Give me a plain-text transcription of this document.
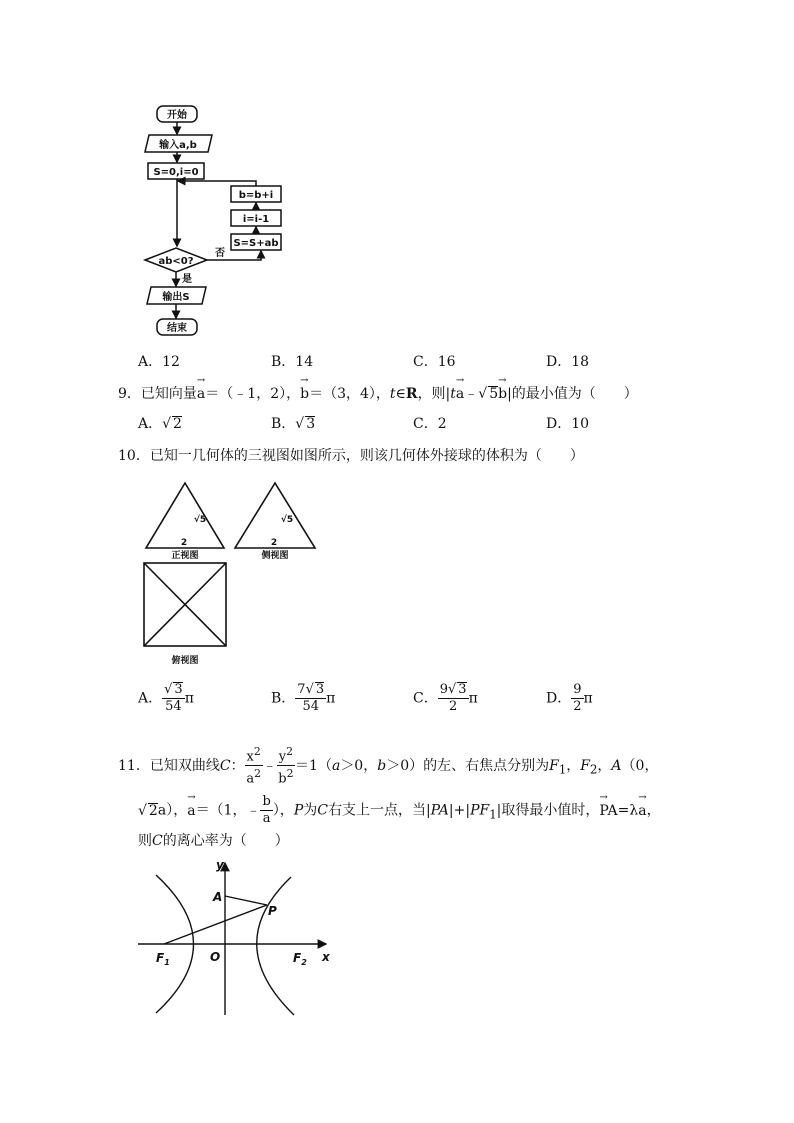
开始
输入a,b
S=0,i=0
b=b+i
i=i-1
S=S+ab
ab<0?
否
是
输出S
结束
A．12	B．14	C．16	D．18
9．已知向量→ a＝（﹣1，2），→ b＝（3，4），t∈R，则|t→ a﹣ √ 5→ b|的最小值为（　　）
A． √ 2	B． √ 3	C．2	D．10
10．已知一几何体的三视图如图所示，则该几何体外接球的体积为（　　）
√5
2
正视图
√5
2
侧视图
俯视图
A． √ $\frac{3}{54}$ π	B． $\frac{7 √ 3}{54}$ π	C． $\frac{9 √ 3}{2}$ π	D． $\frac{9}{2}$ π
11．已知双曲线C： $\frac{x^2}{a^2}$ ﹣ $\frac{y^2}{b^2} =1(a>0$，b＞0）的左、右焦点分别为$F_1$，$F_2$，A（0，
√ 2a），→ a＝（1，﹣ $\frac{b}{a}$ ），P为C右支上一点，当$|PA|+|PF_1|$取得最小值时，→ PA=λ→ a，
则C的离心率为（　　）
y
x
O
A
P
$F_1$	$F_2$
